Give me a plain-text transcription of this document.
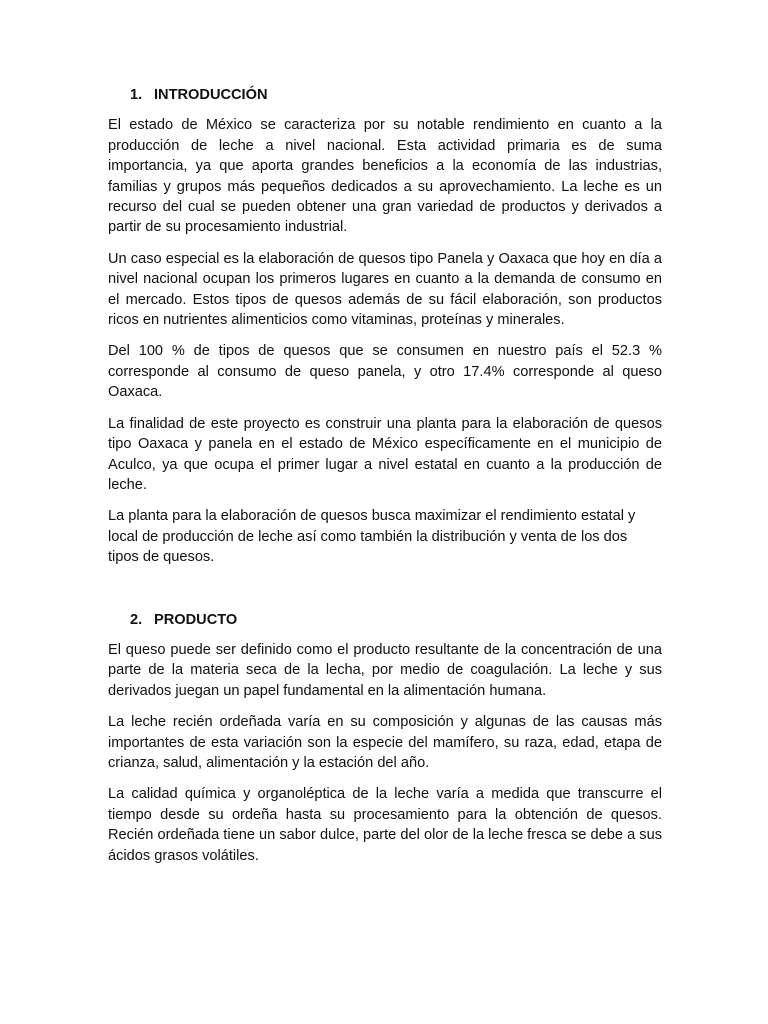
1. INTRODUCCIÓN

El estado de México se caracteriza por su notable rendimiento en cuanto a la producción de leche a nivel nacional. Esta actividad primaria es de suma importancia, ya que aporta grandes beneficios a la economía de las industrias, familias y grupos más pequeños dedicados a su aprovechamiento. La leche es un recurso del cual se pueden obtener una gran variedad de productos y derivados a partir de su procesamiento industrial.

Un caso especial es la elaboración de quesos tipo Panela y Oaxaca que hoy en día a nivel nacional ocupan los primeros lugares en cuanto a la demanda de consumo en el mercado. Estos tipos de quesos además de su fácil elaboración, son productos ricos en nutrientes alimenticios como vitaminas, proteínas y minerales.

Del 100 % de tipos de quesos que se consumen en nuestro país el 52.3 % corresponde al consumo de queso panela, y otro 17.4% corresponde al queso Oaxaca.

La finalidad de este proyecto es construir una planta para la elaboración de quesos tipo Oaxaca y panela en el estado de México específicamente en el municipio de Aculco, ya que ocupa el primer lugar a nivel estatal en cuanto a la producción de leche.

La planta para la elaboración de quesos busca maximizar el rendimiento estatal y local de producción de leche así como también la distribución y venta de los dos tipos de quesos.

2. PRODUCTO

El queso puede ser definido como el producto resultante de la concentración de una parte de la materia seca de la lecha, por medio de coagulación. La leche y sus derivados juegan un papel fundamental en la alimentación humana.

La leche recién ordeñada varía en su composición y algunas de las causas más importantes de esta variación son la especie del mamífero, su raza, edad, etapa de crianza, salud, alimentación y la estación del año.

La calidad química y organoléptica de la leche varía a medida que transcurre el tiempo desde su ordeña hasta su procesamiento para la obtención de quesos. Recién ordeñada tiene un sabor dulce, parte del olor de la leche fresca se debe a sus ácidos grasos volátiles.
